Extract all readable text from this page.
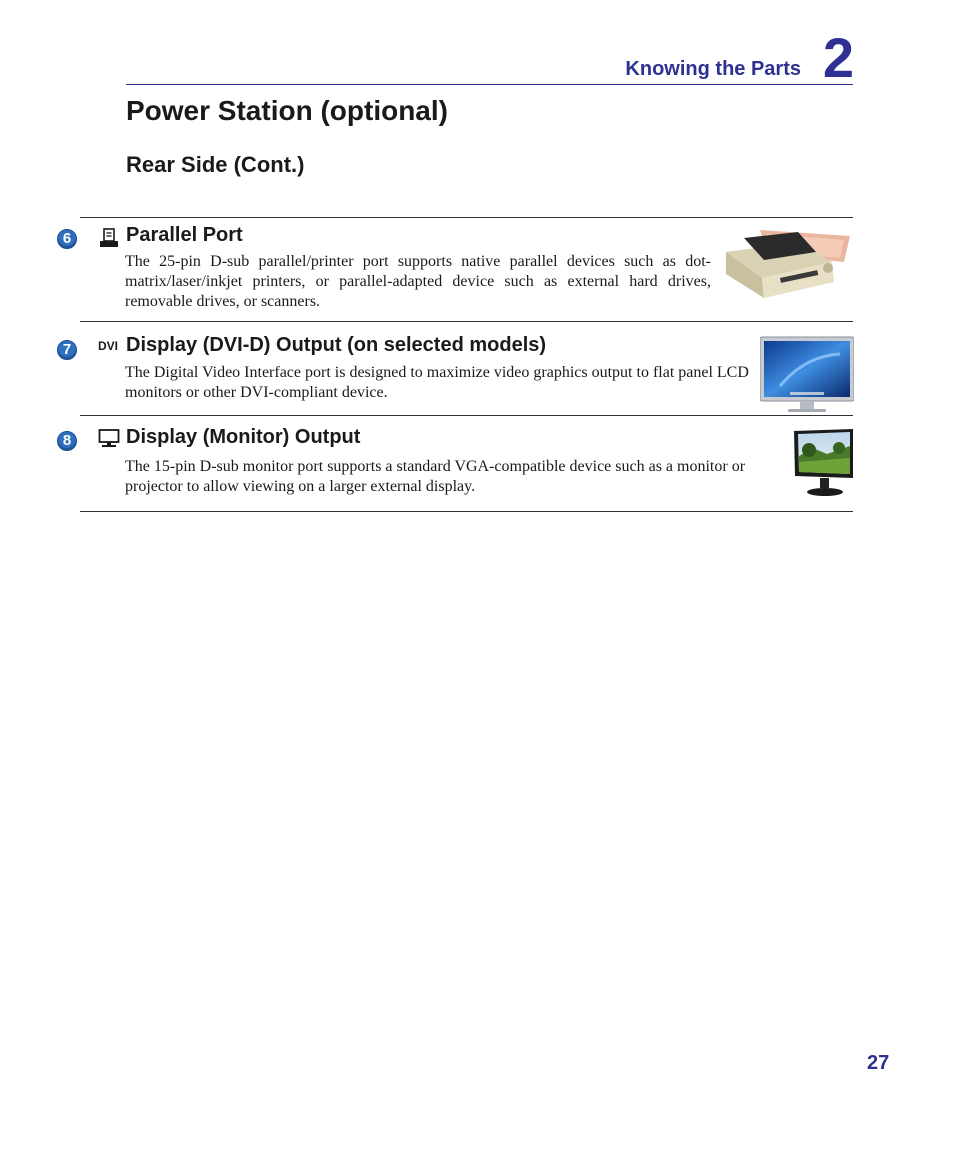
Knowing the Parts 2
Power Station (optional)
Rear Side (Cont.)
6	Parallel Port

The 25-pin D-sub parallel/printer port supports native parallel devices such as dot-matrix/laser/inkjet printers, or parallel-adapted device such as external hard drives, removable drives, or scanners.

7	DVI Display (DVI-D) Output (on selected models)

The Digital Video Interface port is designed to maximize video graphics output to flat panel LCD monitors or other DVI-compliant device.

8	Display (Monitor) Output

The 15-pin D-sub monitor port supports a standard VGA-compatible device such as a monitor or projector to allow viewing on a larger external display.

27
